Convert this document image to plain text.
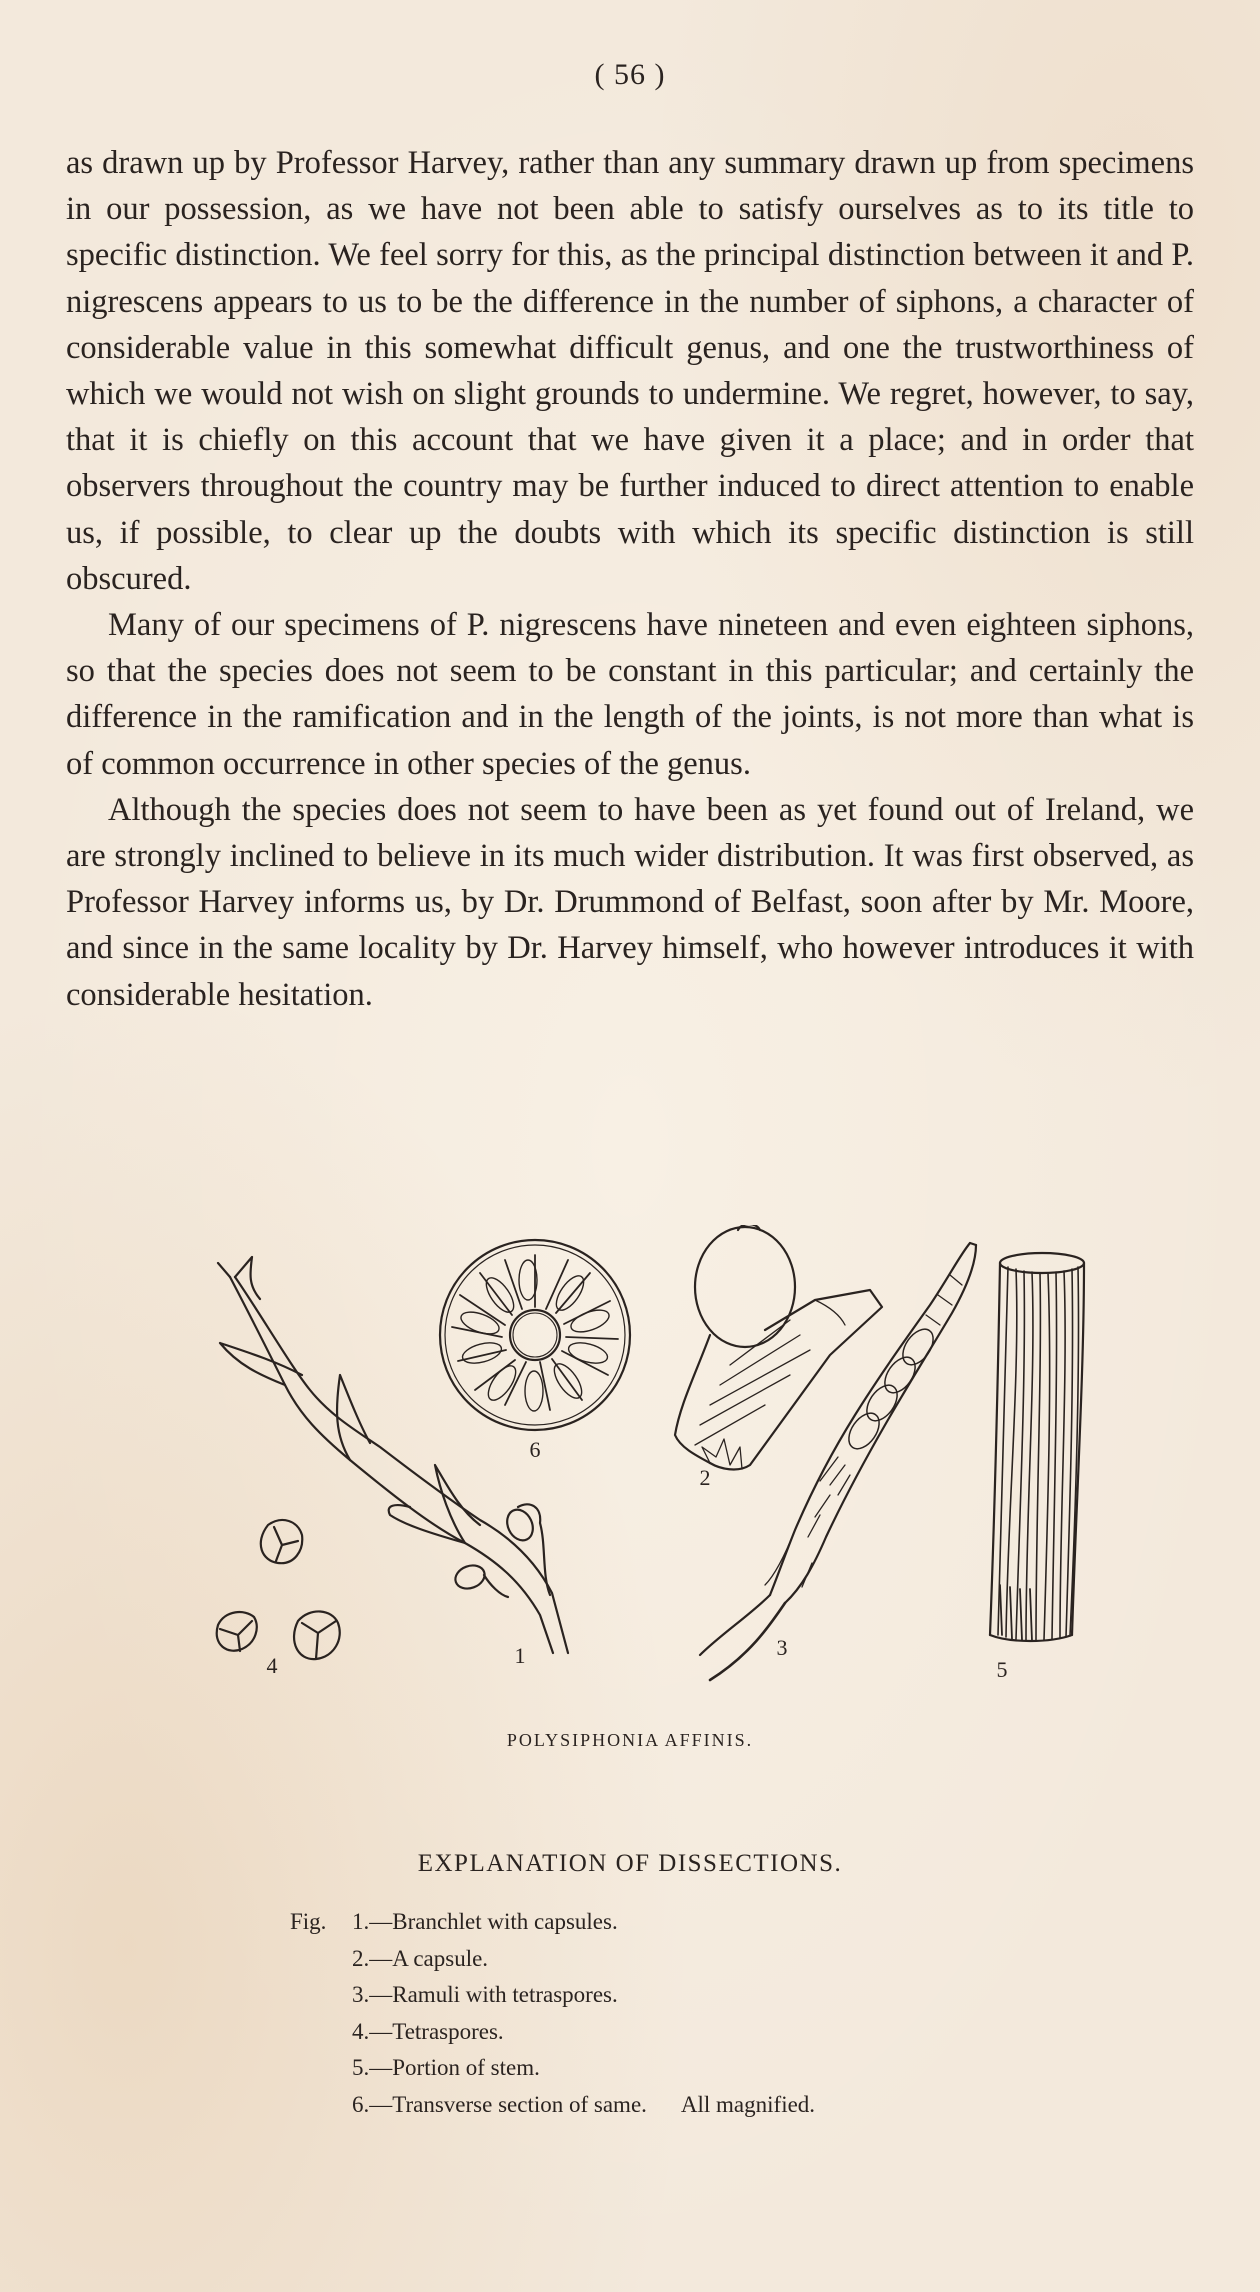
( 56 )

as drawn up by Professor Harvey, rather than any summary drawn up from specimens in our possession, as we have not been able to satisfy ourselves as to its title to specific distinction. We feel sorry for this, as the principal distinction between it and P. nigrescens appears to us to be the difference in the number of siphons, a character of considerable value in this somewhat difficult genus, and one the trustworthiness of which we would not wish on slight grounds to undermine. We regret, however, to say, that it is chiefly on this account that we have given it a place; and in order that observers throughout the country may be further induced to direct attention to enable us, if possible, to clear up the doubts with which its specific distinction is still obscured.

Many of our specimens of P. nigrescens have nineteen and even eighteen siphons, so that the species does not seem to be constant in this particular; and certainly the difference in the ramification and in the length of the joints, is not more than what is of common occurrence in other species of the genus.

Although the species does not seem to have been as yet found out of Ireland, we are strongly inclined to believe in its much wider distribution. It was first observed, as Professor Harvey informs us, by Dr. Drummond of Belfast, soon after by Mr. Moore, and since in the same locality by Dr. Harvey himself, who however introduces it with considerable hesitation.

6
2
1
4
3
5
POLYSIPHONIA AFFINIS.
EXPLANATION OF DISSECTIONS.
Fig.	1.—Branchlet with capsules.
2.—A capsule.
3.—Ramuli with tetraspores.
4.—Tetraspores.
5.—Portion of stem.
6.—Transverse section of same. All magnified.
